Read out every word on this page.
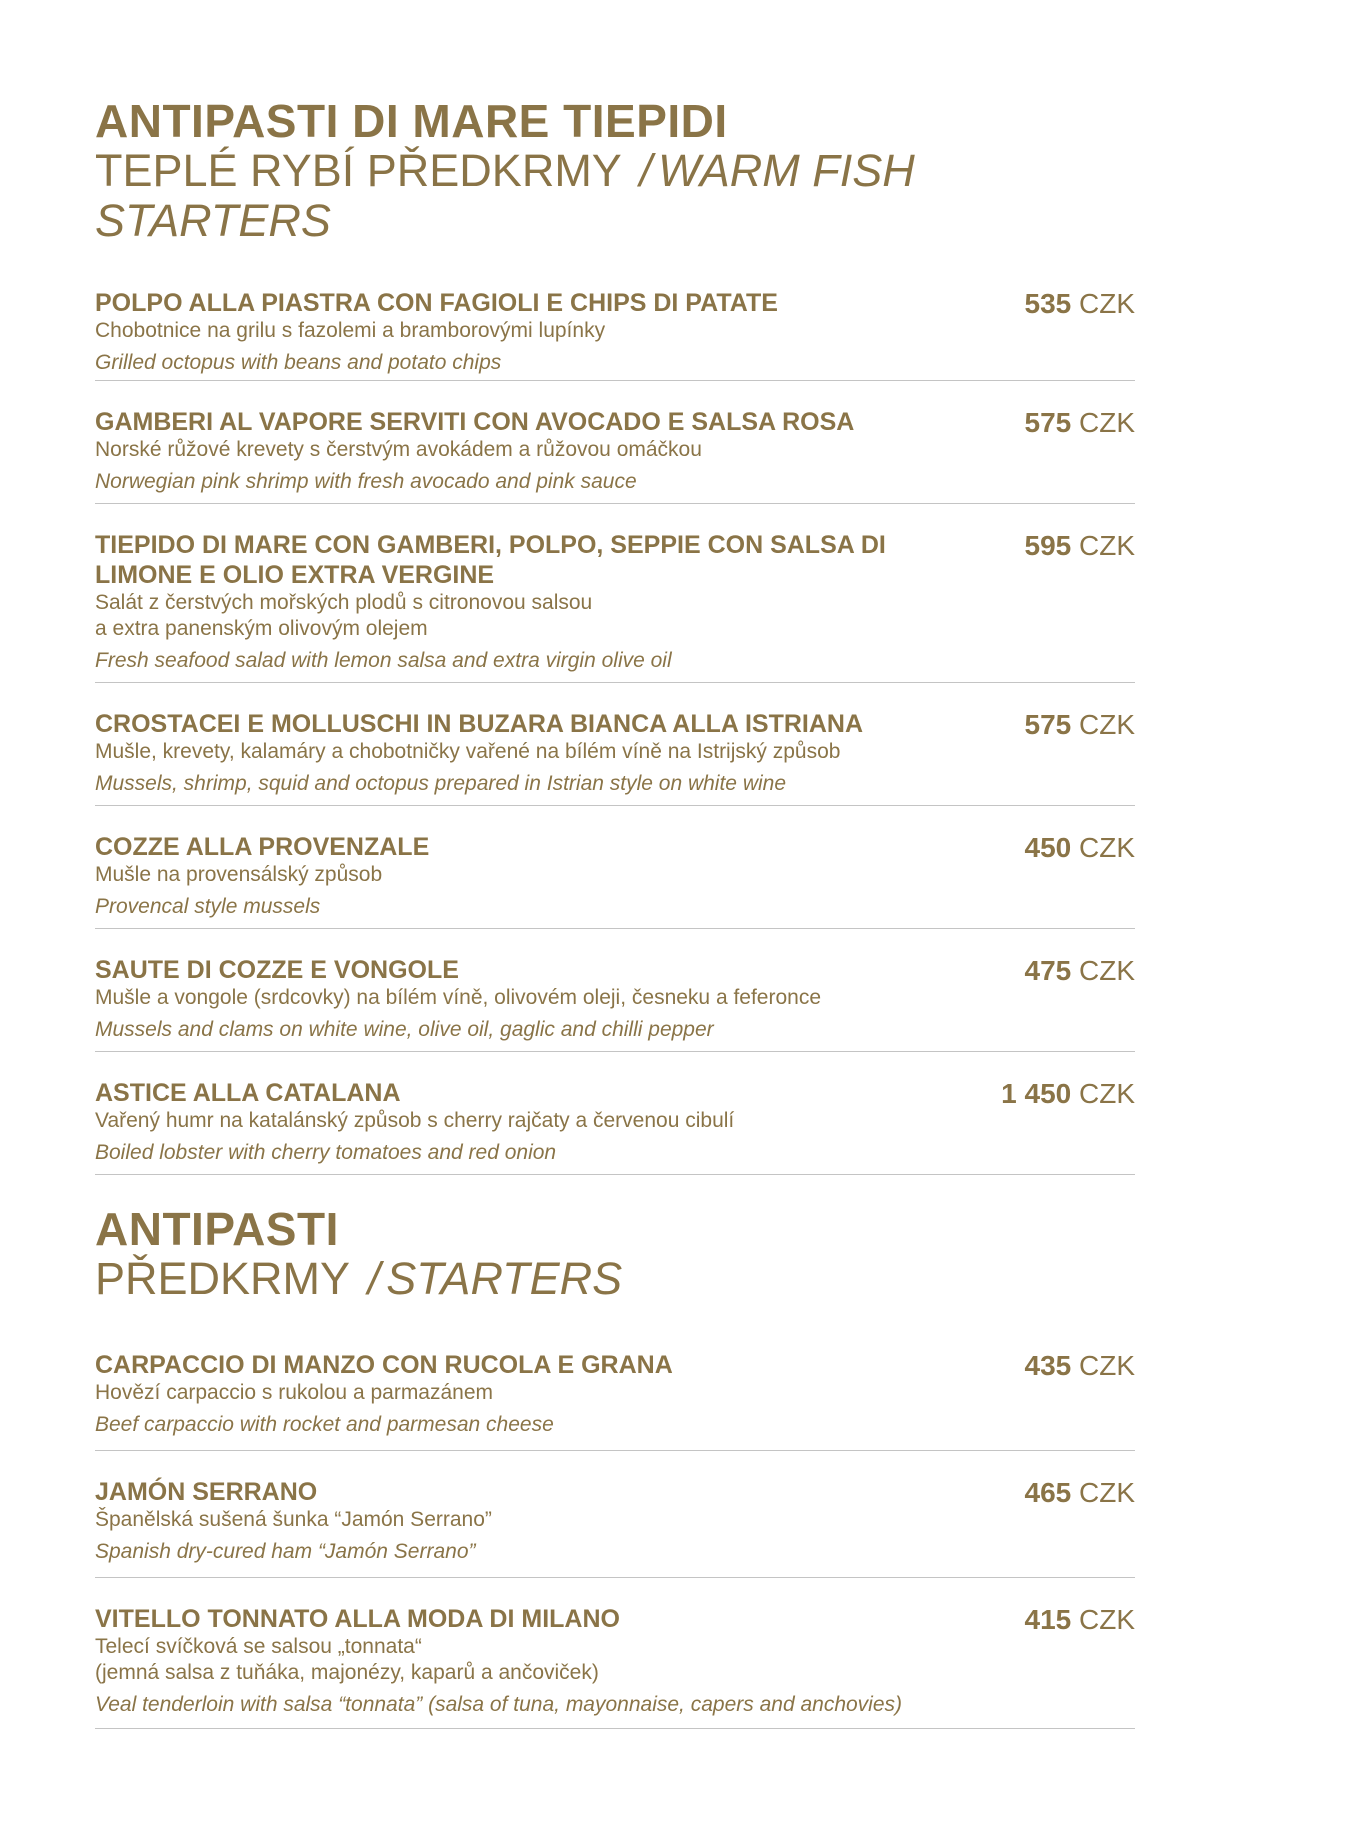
ANTIPASTI DI MARE TIEPIDI
TEPLÉ RYBÍ PŘEDKRMY / WARM FISH STARTERS
POLPO ALLA PIASTRA CON FAGIOLI E CHIPS DI PATATE
Chobotnice na grilu s fazolemi a bramborovými lupínky
Grilled octopus with beans and potato chips
535 CZK
GAMBERI AL VAPORE SERVITI CON AVOCADO E SALSA ROSA
Norské růžové krevety s čerstvým avokádem a růžovou omáčkou
Norwegian pink shrimp with fresh avocado and pink sauce
575 CZK
TIEPIDO DI MARE CON GAMBERI, POLPO, SEPPIE CON SALSA DI LIMONE E OLIO EXTRA VERGINE
Salát z čerstvých mořských plodů s citronovou salsou
a extra panenským olivovým olejem
Fresh seafood salad with lemon salsa and extra virgin olive oil
595 CZK
CROSTACEI E MOLLUSCHI IN BUZARA BIANCA ALLA ISTRIANA
Mušle, krevety, kalamáry a chobotničky vařené na bílém víně na Istrijský způsob
Mussels, shrimp, squid and octopus prepared in Istrian style on white wine
575 CZK
COZZE ALLA PROVENZALE
Mušle na provensálský způsob
Provencal style mussels
450 CZK
SAUTE DI COZZE E VONGOLE
Mušle a vongole (srdcovky) na bílém víně, olivovém oleji, česneku a feferonce
Mussels and clams on white wine, olive oil, gaglic and chilli pepper
475 CZK
ASTICE ALLA CATALANA
Vařený humr na katalánský způsob s cherry rajčaty a červenou cibulí
Boiled lobster with cherry tomatoes and red onion
1 450 CZK
ANTIPASTI
PŘEDKRMY / STARTERS
CARPACCIO DI MANZO CON RUCOLA E GRANA
Hovězí carpaccio s rukolou a parmazánem
Beef carpaccio with rocket and parmesan cheese
435 CZK
JAMÓN SERRANO
Španělská sušená šunka “Jamón Serrano”
Spanish dry-cured ham “Jamón Serrano”
465 CZK
VITELLO TONNATO ALLA MODA DI MILANO
Telecí svíčková se salsou „tonnata“
(jemná salsa z tuňáka, majonézy, kaparů a ančoviček)
Veal tenderloin with salsa “tonnata” (salsa of tuna, mayonnaise, capers and anchovies)
415 CZK
